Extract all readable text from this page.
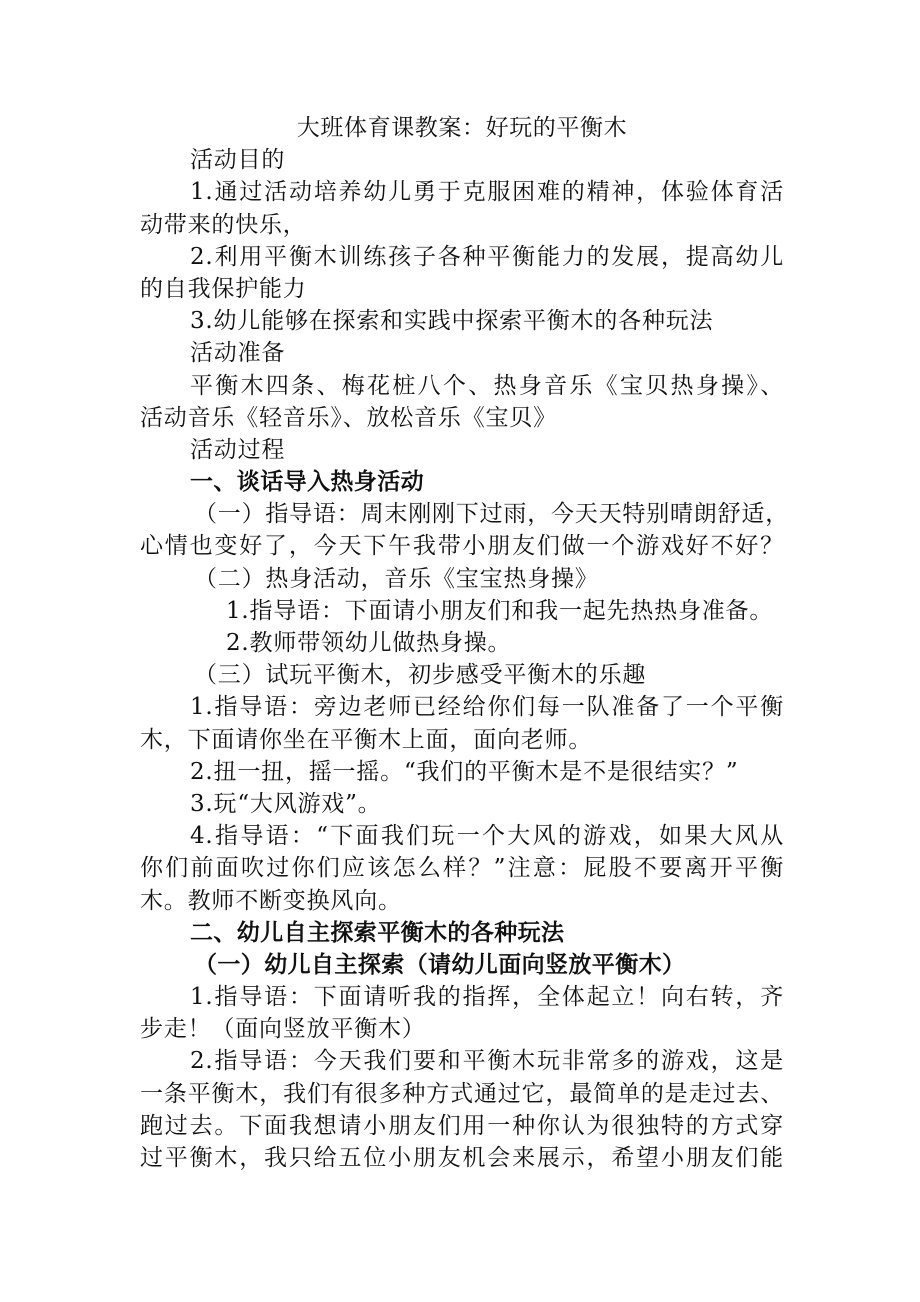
大班体育课教案：好玩的平衡木
活动目的
1.通过活动培养幼儿勇于克服困难的精神，体验体育活
动带来的快乐，
2.利用平衡木训练孩子各种平衡能力的发展，提高幼儿
的自我保护能力
3.幼儿能够在探索和实践中探索平衡木的各种玩法
活动准备
平衡木四条、梅花桩八个、热身音乐《宝贝热身操》、
活动音乐《轻音乐》、放松音乐《宝贝》
活动过程
一、谈话导入热身活动
（一）指导语：周末刚刚下过雨，今天天特别晴朗舒适，
心情也变好了，今天下午我带小朋友们做一个游戏好不好？
（二）热身活动，音乐《宝宝热身操》
1.指导语：下面请小朋友们和我一起先热热身准备。
2.教师带领幼儿做热身操。
（三）试玩平衡木，初步感受平衡木的乐趣
1.指导语：旁边老师已经给你们每一队准备了一个平衡
木，下面请你坐在平衡木上面，面向老师。
2.扭一扭，摇一摇。“我们的平衡木是不是很结实？”
3.玩“大风游戏”。
4.指导语：“下面我们玩一个大风的游戏，如果大风从
你们前面吹过你们应该怎么样？”注意：屁股不要离开平衡
木。教师不断变换风向。
二、幼儿自主探索平衡木的各种玩法
（一）幼儿自主探索（请幼儿面向竖放平衡木）
1.指导语：下面请听我的指挥，全体起立！向右转，齐
步走！（面向竖放平衡木）
2.指导语：今天我们要和平衡木玩非常多的游戏，这是
一条平衡木，我们有很多种方式通过它，最简单的是走过去、
跑过去。下面我想请小朋友们用一种你认为很独特的方式穿
过平衡木，我只给五位小朋友机会来展示，希望小朋友们能
